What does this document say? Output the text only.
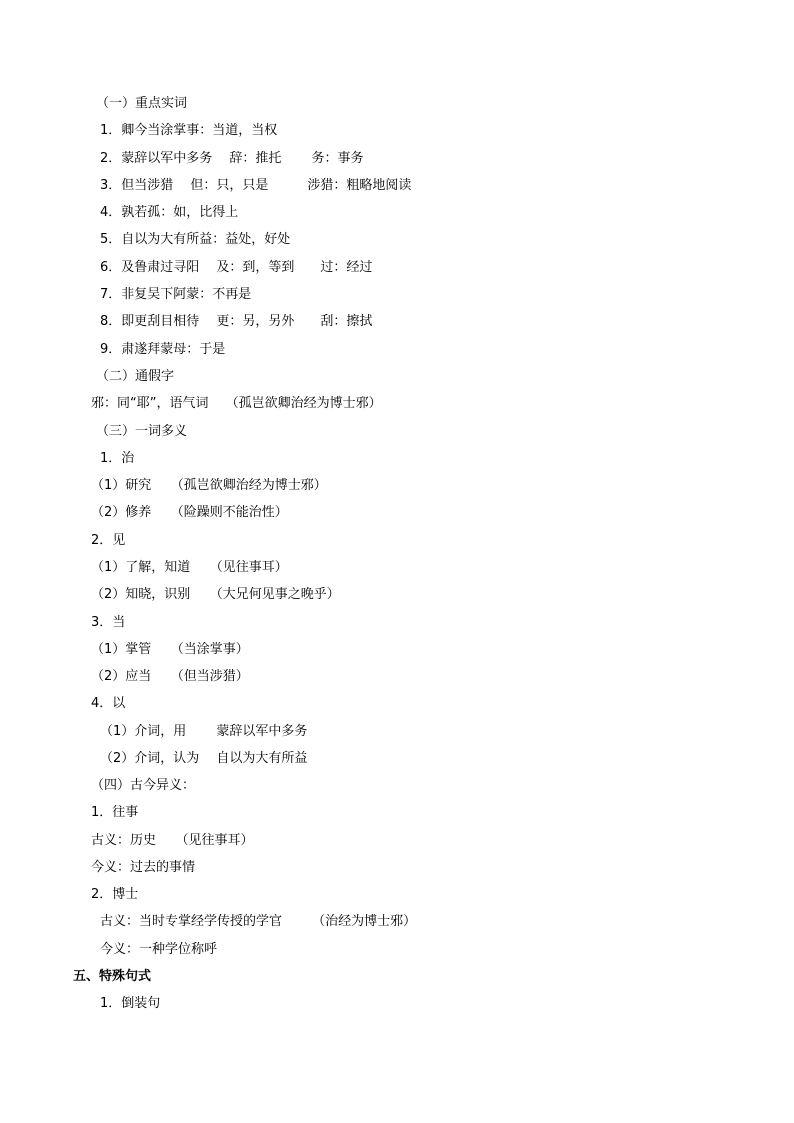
（一）重点实词
1．卿今当涂掌事：当道，当权
2．蒙辞以军中多务　 辞：推托　　 务：事务
3．但当涉猎　 但：只，只是　　　涉猎：粗略地阅读
4．孰若孤：如，比得上
5．自以为大有所益：益处，好处
6．及鲁肃过寻阳　 及：到，等到　　过：经过
7．非复吴下阿蒙：不再是
8．即更刮目相待　 更：另，另外　　刮：擦拭
9．肃遂拜蒙母：于是
（二）通假字
邪：同“耶”，语气词　 （孤岂欲卿治经为博士邪）
（三）一词多义
1．治
（1）研究　　（孤岂欲卿治经为博士邪）
（2）修养　　（险躁则不能治性）
2．见
（1）了解，知道　　（见往事耳）
（2）知晓，识别　　（大兄何见事之晚乎）
3．当
（1）掌管　　（当涂掌事）
（2）应当　　（但当涉猎）
4．以
（1）介词，用　　 蒙辞以军中多务
（2）介词，认为　 自以为大有所益
（四）古今异义：
1．往事
古义：历史　　（见往事耳）
今义：过去的事情
2．博士
古义：当时专掌经学传授的学官　　 （治经为博士邪）
今义：一种学位称呼
五、特殊句式
1．倒装句
